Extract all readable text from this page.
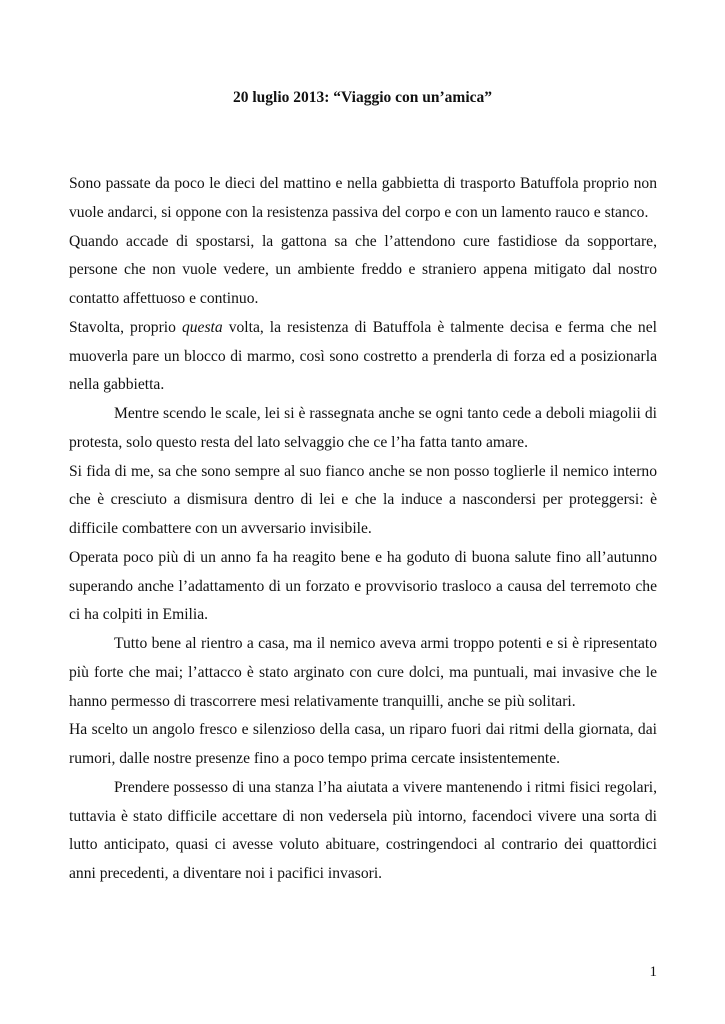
20 luglio 2013: “Viaggio con un’amica”

Sono passate da poco le dieci del mattino e nella gabbietta di trasporto Batuffola proprio non vuole andarci, si oppone con la resistenza passiva del corpo e con un lamento rauco e stanco.

Quando accade di spostarsi, la gattona sa che l’attendono cure fastidiose da sopportare, persone che non vuole vedere, un ambiente freddo e straniero appena mitigato dal nostro contatto affettuoso e continuo.

Stavolta, proprio questa volta, la resistenza di Batuffola è talmente decisa e ferma che nel muoverla pare un blocco di marmo, così sono costretto a prenderla di forza ed a posizionarla nella gabbietta.

Mentre scendo le scale, lei si è rassegnata anche se ogni tanto cede a deboli miagolii di protesta, solo questo resta del lato selvaggio che ce l’ha fatta tanto amare.

Si fida di me, sa che sono sempre al suo fianco anche se non posso toglierle il nemico interno che è cresciuto a dismisura dentro di lei e che la induce a nascondersi per proteggersi: è difficile combattere con un avversario invisibile.

Operata poco più di un anno fa ha reagito bene e ha goduto di buona salute fino all’autunno superando anche l’adattamento di un forzato e provvisorio trasloco a causa del terremoto che ci ha colpiti in Emilia.

Tutto bene al rientro a casa, ma il nemico aveva armi troppo potenti e si è ripresentato più forte che mai; l’attacco è stato arginato con cure dolci, ma puntuali, mai invasive che le hanno permesso di trascorrere mesi relativamente tranquilli, anche se più solitari.

Ha scelto un angolo fresco e silenzioso della casa, un riparo fuori dai ritmi della giornata, dai rumori, dalle nostre presenze fino a poco tempo prima cercate insistentemente.

Prendere possesso di una stanza l’ha aiutata a vivere mantenendo i ritmi fisici regolari, tuttavia è stato difficile accettare di non vedersela più intorno, facendoci vivere una sorta di lutto anticipato, quasi ci avesse voluto abituare, costringendoci al contrario dei quattordici anni precedenti, a diventare noi i pacifici invasori.

1
